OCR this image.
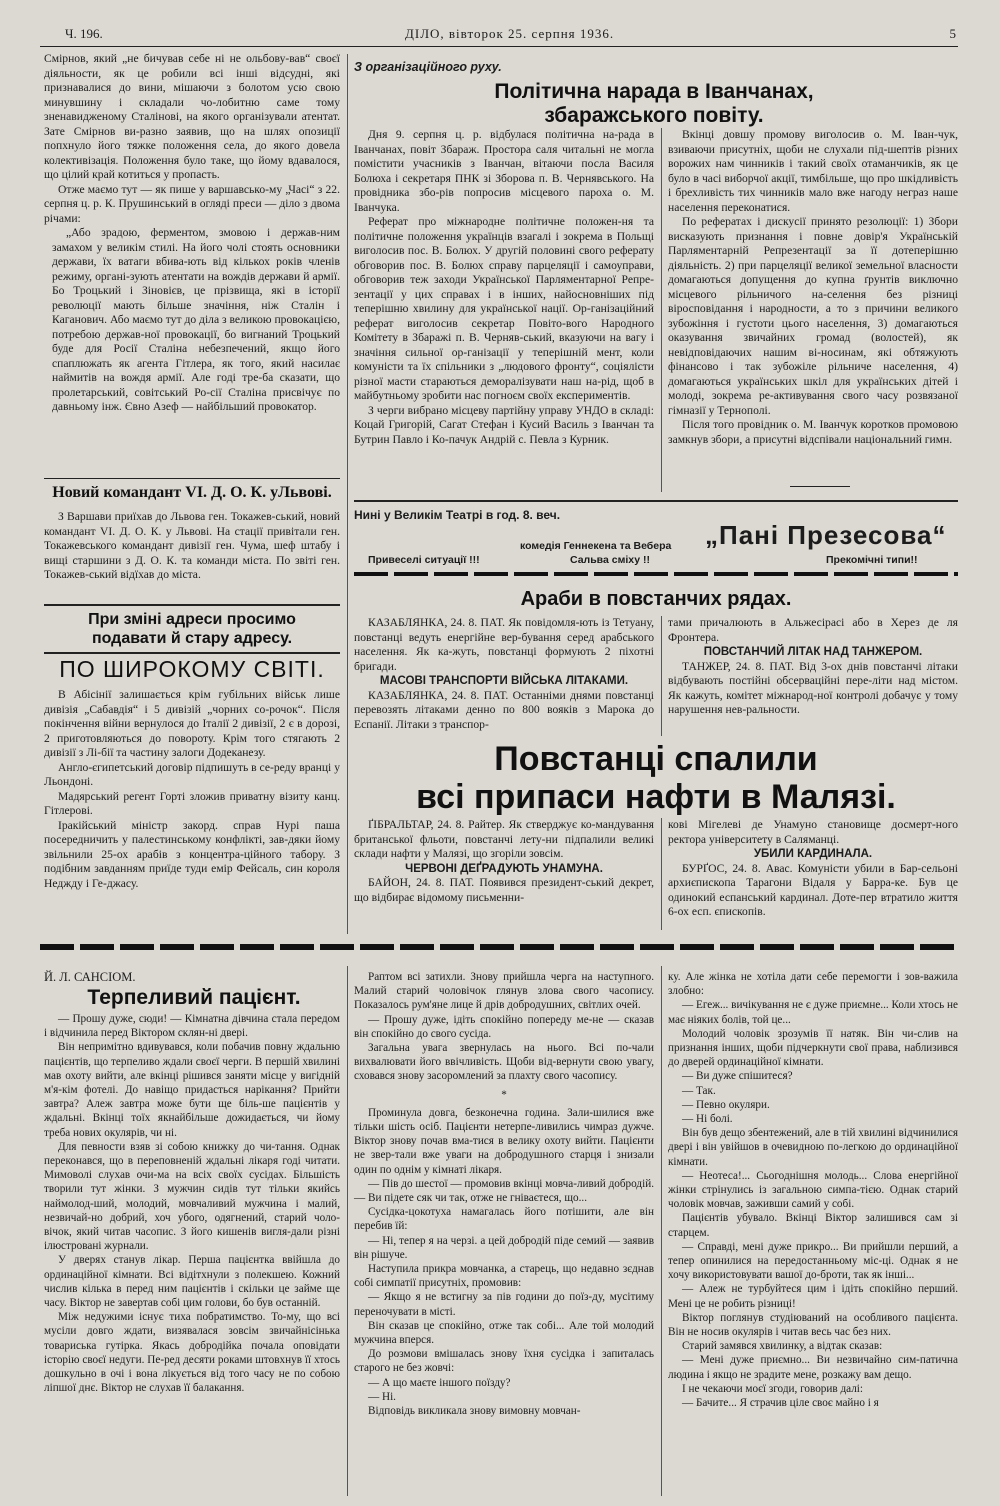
Ч. 196.	ДІЛО, вівторок 25. серпня 1936.	5

Смірнов, який „не бичував себе ні не ольбову-вав“ своєї діяльности, як це робили всі інші відсудні, які признавалися до вини, мішаючи з болотом усю свою минувшину і складали чо-лобитню саме тому зненавидженому Сталінові, на якого організували атентат. Зате Смірнов ви-разно заявив, що на шлях опозиції попхнуло його тяжке положення села, до якого довела колективізація. Положення було таке, що йому вдавалося, що цілий край котиться у пропасть.

Отже маємо тут — як пише у варшавсько-му „Часі“ з 22. серпня ц. р. К. Прушинський в огляді преси — діло з двома річами:

„Або зрадою, ферментом, змовою і держав-ним замахом у великім стилі. На його чолі стоять основники держави, їх ватаги вбива-ють від кількох років членів режиму, органі-зують атентати на вождів держави й армії. Бо Троцький і Зіновієв, це прізвища, які в історії революції мають більше значіння, ніж Сталін і Каганович. Або маємо тут до діла з великою провокацією, потребою держав-ної провокації, бо вигнаний Троцький буде для Росії Сталіна небезпечений, якщо його спаплюжать як агента Гітлера, як того, який насилає наймитів на вождя армії. Але годі тре-ба сказати, що пролетарський, совітський Ро-сії Сталіна присвічує по давньому інж. Євно Азеф — найбільший провокатор.

Новий командант VI. Д. О. К. уЛьвові.

З Варшави приїхав до Львова ген. Токажев-ський, новий командант VI. Д. О. К. у Львові. На стації привітали ген. Токажевського командант дивізії ген. Чума, шеф штабу і вищі старшини з Д. О. К. та команди міста. По звіті ген. Токажев-ський відїхав до міста.

При зміні адреси просимо
подавати й стару адресу.
ПО ШИРОКОМУ СВІТІ.

В Абісінії залишається крім губільних військ лише дивізія „Сабавдія“ і 5 дивізій „чорних со-рочок“. Після покінчення війни вернулося до Італії 2 дивізії, 2 є в дорозі, 2 приготовляються до повороту. Крім того стягають 2 дивізії з Лі-бії та частину залоги Додеканезу.

Англо-єгипетський договір підпишуть в се-реду вранці у Льондоні.

Мадярський регент Горті зложив приватну візиту канц. Гітлерові.

Іракійський міністр закорд. справ Нурі паша посередничить у палестинському конфлікті, зав-дяки йому звільнили 25-ох арабів з концентра-ційного табору. З подібним завданням приїде туди емір Фейсаль, син короля Неджду і Ге-джасу.

З організаційного руху.
Політична нарада в Іванчанах,
збаражського повіту.

Дня 9. серпня ц. р. відбулася політична на-рада в Іванчанах, повіт Збараж. Простора саля читальні не могла помістити учасників з Іванчан, вітаючи посла Василя Болюха і секретаря ПНК зі Зборова п. В. Чернявського. На провідника збо-рів попросив місцевого пароха о. М. Іванчука.

Реферат про міжнародне політичне положен-ня та політичне положення українців взагалі і зокрема в Польщі виголосив пос. В. Болюх. У другій половині свого реферату обговорив пос. В. Болюх справу парцеляції і самоуправи, обговорив теж заходи Української Парляментарної Репре-зентації у цих справах і в інших, найосновніших під теперішню хвилину для української нації. Ор-ганізаційний реферат виголосив секретар Повіто-вого Народного Комітету в Збаражі п. В. Черняв-ський, вказуючи на вагу і значіння сильної ор-ганізації у теперішній мент, коли комуністи та їх спільники з „людового фронту“, соціялісти різної масти стараються деморалізувати наш на-рід, щоб в майбутньому зробити нас погноєм своїх експериментів.

З черги вибрано місцеву партійну управу УНДО в складі: Коцай Григорій, Сагат Стефан і Кусий Василь з Іванчан та Бутрин Павло і Ко-пачук Андрій с. Певла з Курник.

Вкінці довшу промову виголосив о. М. Іван-чук, взиваючи присутніх, щоби не слухали під-шептів різних ворожих нам чинників і такий своїх отаманчиків, як це було в часі виборчої акції, тимбільше, що про шкідливість і брехливість тих чинників мало вже нагоду неграз наше населення переконатися.

По рефератах і дискусії принято резолюції: 1) Збори висказують признання і повне довір'я Українській Парляментарній Репрезентації за її дотеперішню діяльність. 2) при парцеляції великої земельної власности домагаються допущення до купна ґрунтів виключно місцевого рільничого на-селення без різниці віросповідання і народности, а то з причини великого зубожіння і густоти цього населення, 3) домагаються оказування звичайних громад (волостей), як невідповідаючих нашим ві-носинам, які обтяжують фінансово і так зубожіле рільниче населення, 4) домагаються українських шкіл для українських дітей і молоді, зокрема ре-активування свого часу розвязаної гімназії у Тернополі.

Після того провідник о. М. Іванчук коротков промовою замкнув збори, а присутні відспівали національний гимн.

Нині у Великім Театрі в год. 8. веч.
комедія Геннекена та Вебера „Пані Презесова“
Привеселі ситуації !!!	Сальва сміху !!	Прекомічні типи!!
Араби в повстанчих рядах.

КАЗАБЛЯНКА, 24. 8. ПАТ. Як повідомля-ють із Тетуану, повстанці ведуть енергійне вер-бування серед арабського населення. Як ка-жуть, повстанці формують 2 піхотні бригади.

МАСОВІ ТРАНСПОРТИ ВІЙСЬКА ЛІТАКАМИ.

КАЗАБЛЯНКА, 24. 8. ПАТ. Останніми днями повстанці перевозять літаками денно по 800 вояків з Марока до Еспанії. Літаки з транспор-

тами причалюють в Альжесірасі або в Херез де ля Фронтера.

ПОВСТАНЧИЙ ЛІТАК НАД ТАНЖЕРОМ.

ТАНЖЕР, 24. 8. ПАТ. Від 3-ох днів повстанчі літаки відбувають постійні обсерваційні пере-літи над містом. Як кажуть, комітет міжнарод-ної контролі добачує у тому нарушення нев-ральности.

Повстанці спалили
всі припаси нафти в Малязі.

ҐІБРАЛЬТАР, 24. 8. Райтер. Як стверджує ко-мандування британської фльоти, повстанчі лету-ни підпалили великі склади нафти у Малязі, що згоріли зовсім.

ЧЕРВОНІ ДЕҐРАДУЮТЬ УНАМУНА.

БАЙОН, 24. 8. ПАТ. Появився президент-ський декрет, що відбирає відомому письменни-

кові Мігелеві де Унамуно становище досмерт-ного ректора університету в Саляманці.

УБИЛИ КАРДИНАЛА.

БУРҐОС, 24. 8. Авас. Комуністи убили в Бар-сельоні архиєпископа Тарагони Відаля у Барра-ке. Був це одинокий еспанський кардинал. Доте-пер втратило життя 6-ох есп. єпископів.

Й. Л. САНСІОМ.
Терпеливий пацієнт.

— Прошу дуже, сюди! — Кімнатна дівчина стала передом і відчинила перед Віктором склян-ні двері.

Він непримітно вдивувався, коли побачив повну ждальню пацієнтів, що терпеливо ждали своєї черги. В першій хвилині мав охоту вийти, але вкінці рішився заняти місце у вигідній м'я-кім фотелі. До навіщо придасться нарікання? Прийти завтра? Алеж завтра може бути ще біль-ше пацієнтів у ждальні. Вкінці тоїх якнайбільше дожидається, чи йому треба нових окулярів, чи ні.

Для певности взяв зі собою книжку до чи-тання. Однак переконався, що в переповненій ждальні лікаря годі читати. Мимоволі слухав очи-ма на всіх своїх сусідах. Більшість творили тут жінки. З мужчин сидів тут тільки якийсь наймолод-ший, молодий, мовчаливий мужчина і малий, незвичай-но добрий, хоч убого, одягнений, старий чоло-вічок, який читав часопис. З його кишенів вигля-дали різні ілюстровані журнали.

У дверях станув лікар. Перша пацієнтка ввійшла до ординаційної кімнати. Всі відітхнули з полекшею. Кожний числив кілька в перед ним пацієнтів і скільки це займе ще часу. Віктор не завертав собі цим голови, бо був останній.

Між недужими існує тиха побратимство. То-му, що всі мусіли довго ждати, визявалася зовсім звичайнісінька товариська гутірка. Якась добродійка почала оповідати історію своєї недуги. Пе-ред десяти роками штовхнув її хтось дошкульно в очі і вона лікується від того часу не по собою ліпшої днє. Віктор не слухав її балакання.

Раптом всі затихли. Знову прийшла черга на наступного. Малий старий чоловічок глянув злова свого часопису. Показалось рум'яне лице й дрів добродушних, світлих очей.

— Прошу дуже, ідіть спокійно попереду ме-не — сказав він спокійно до свого сусіда.

Загальна увага звернулась на нього. Всі по-чали вихвалювати його ввічливість. Щоби від-вернути свою увагу, сховався знову засоромлений за плахту свого часопису.

*

Проминула довга, безконечна година. Зали-шилися вже тільки шість осіб. Пацієнти нетерпе-ливились чимраз дужче. Віктор знову почав вма-тися в велику охоту вийти. Пацієнти не звер-тали вже уваги на добродушного старця і знизали один по однім у кімнаті лікаря.

— Пів до шестої — промовив вкінці мовча-ливий добродій. — Ви підете сяк чи так, отже не гніваєтеся, що...

Сусідка-цокотуха намагалась його потішити, але він перебив їй:

— Ні, тепер я на черзі. а цей добродій піде семий — заявив він рішуче.

Наступила прикра мовчанка, а старець, що недавно зєднав собі симпатії присутніх, промовив:

— Якщо я не встигну за пів години до поїз-ду, мусітиму переночувати в місті.

Він сказав це спокійно, отже так собі... Але той молодий мужчина вперся.

До розмови вмішалась знову їхня сусідка і запиталась старого не без жовчі:

— А що маєте іншого поїзду?

— Ні.

Відповідь викликала знову вимовну мовчан-

ку. Але жінка не хотіла дати себе перемогти і зов-важила злобно:

— Егеж... вичікування не є дуже приємне... Коли хтось не має ніяких болів, той це...

Молодий чоловік зрозумів її натяк. Він чи-слив на признання інших, щоби підчеркнути свої права, наблизився до дверей ординаційної кімнати.

— Ви дуже спішитеся?

— Так.

— Певно окуляри.

— Ні болі.

Він був дещо збентежений, але в тій хвилині відчинилися двері і він увійшов в очевидною по-легкою до ординаційної кімнати.

— Неотеса!... Сьогоднішня молодь... Слова енергійної жінки стрінулись із загальною симпа-тією. Однак старий чоловік мовчав, заживши самий у собі.

Пацієнтів убувало. Вкінці Віктор залишився сам зі старцем.

— Справді, мені дуже прикро... Ви прийшли перший, а тепер опинилися на передостанньому міс-ці. Однак я не хочу використовувати вашої до-броти, так як інші...

— Алеж не турбуйтеся цим і ідіть спокійно перший. Мені це не робить різниці!

Віктор поглянув студіюваний на особливого пацієнта. Він не носив окулярів і читав весь час без них.

Старий замявся хвилинку, а відтак сказав:

— Мені дуже приємно... Ви незвичайно сим-патична людина і якщо не зрадите мене, розкажу вам дещо.

І не чекаючи моєї згоди, говорив далі:

— Бачите... Я страчив ціле своє майно і я
